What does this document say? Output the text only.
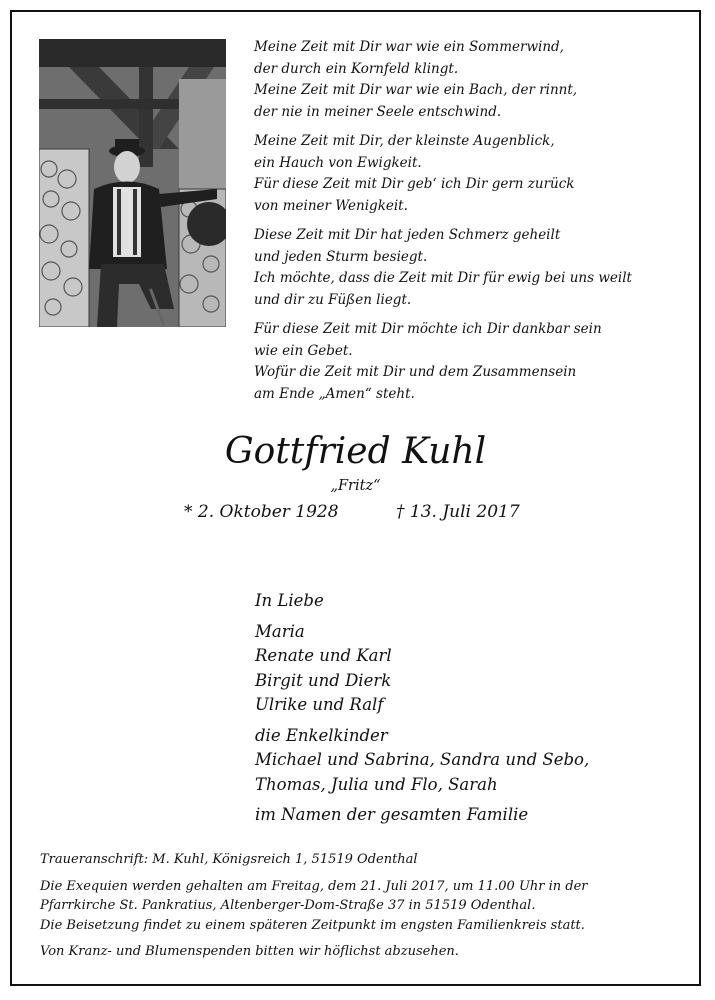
Meine Zeit mit Dir war wie ein Sommerwind,
der durch ein Kornfeld klingt.
Meine Zeit mit Dir war wie ein Bach, der rinnt,
der nie in meiner Seele entschwind.
Meine Zeit mit Dir, der kleinste Augenblick,
ein Hauch von Ewigkeit.
Für diese Zeit mit Dir geb‘ ich Dir gern zurück
von meiner Wenigkeit.
Diese Zeit mit Dir hat jeden Schmerz geheilt
und jeden Sturm besiegt.
Ich möchte, dass die Zeit mit Dir für ewig bei uns weilt
und dir zu Füßen liegt.
Für diese Zeit mit Dir möchte ich Dir dankbar sein
wie ein Gebet.
Wofür die Zeit mit Dir und dem Zusammensein
am Ende „Amen“ steht.
Gottfried Kuhl
„Fritz“
* 2. Oktober 1928	† 13. Juli 2017
In Liebe
Maria
Renate und Karl
Birgit und Dierk
Ulrike und Ralf
die Enkelkinder
Michael und Sabrina, Sandra und Sebo,
Thomas, Julia und Flo, Sarah
im Namen der gesamten Familie
Traueranschrift: M. Kuhl, Königsreich 1, 51519 Odenthal
Die Exequien werden gehalten am Freitag, dem 21. Juli 2017, um 11.00 Uhr in der
Pfarrkirche St. Pankratius, Altenberger-Dom-Straße 37 in 51519 Odenthal.
Die Beisetzung findet zu einem späteren Zeitpunkt im engsten Familienkreis statt.
Von Kranz- und Blumenspenden bitten wir höflichst abzusehen.
